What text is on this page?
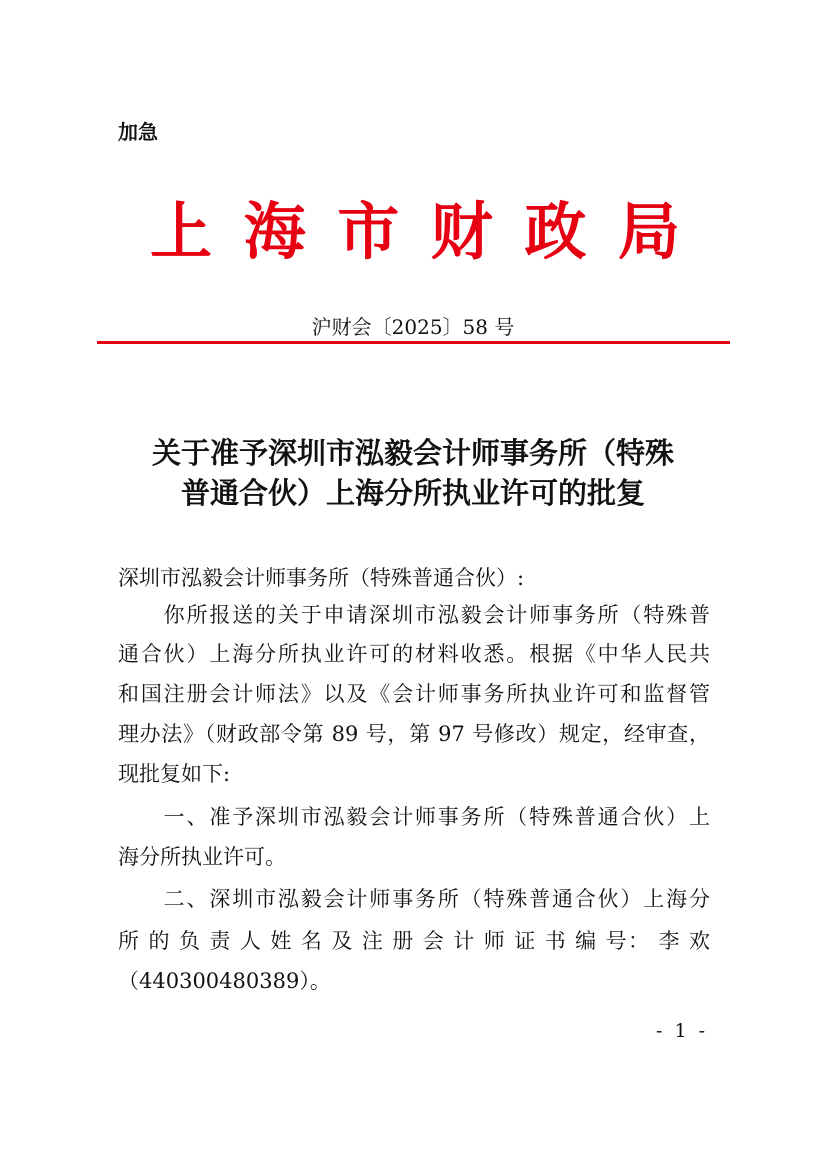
加急
上 海 市 财 政 局
沪财会〔2025〕58 号
关于准予深圳市泓毅会计师事务所（特殊
普通合伙）上海分所执业许可的批复
深圳市泓毅会计师事务所（特殊普通合伙）:
　　你所报送的关于申请深圳市泓毅会计师事务所（特殊普
通合伙）上海分所执业许可的材料收悉。根据《中华人民共
和国注册会计师法》以及《会计师事务所执业许可和监督管
理办法》（财政部令第 89 号，第 97 号修改）规定，经审查，
现批复如下:
　　一、准予深圳市泓毅会计师事务所（特殊普通合伙）上
海分所执业许可。
　　二、深圳市泓毅会计师事务所（特殊普通合伙）上海分
所 的 负 责 人 姓 名 及 注 册 会 计 师 证 书 编 号： 李 欢
（440300480389）。
- 1 -
